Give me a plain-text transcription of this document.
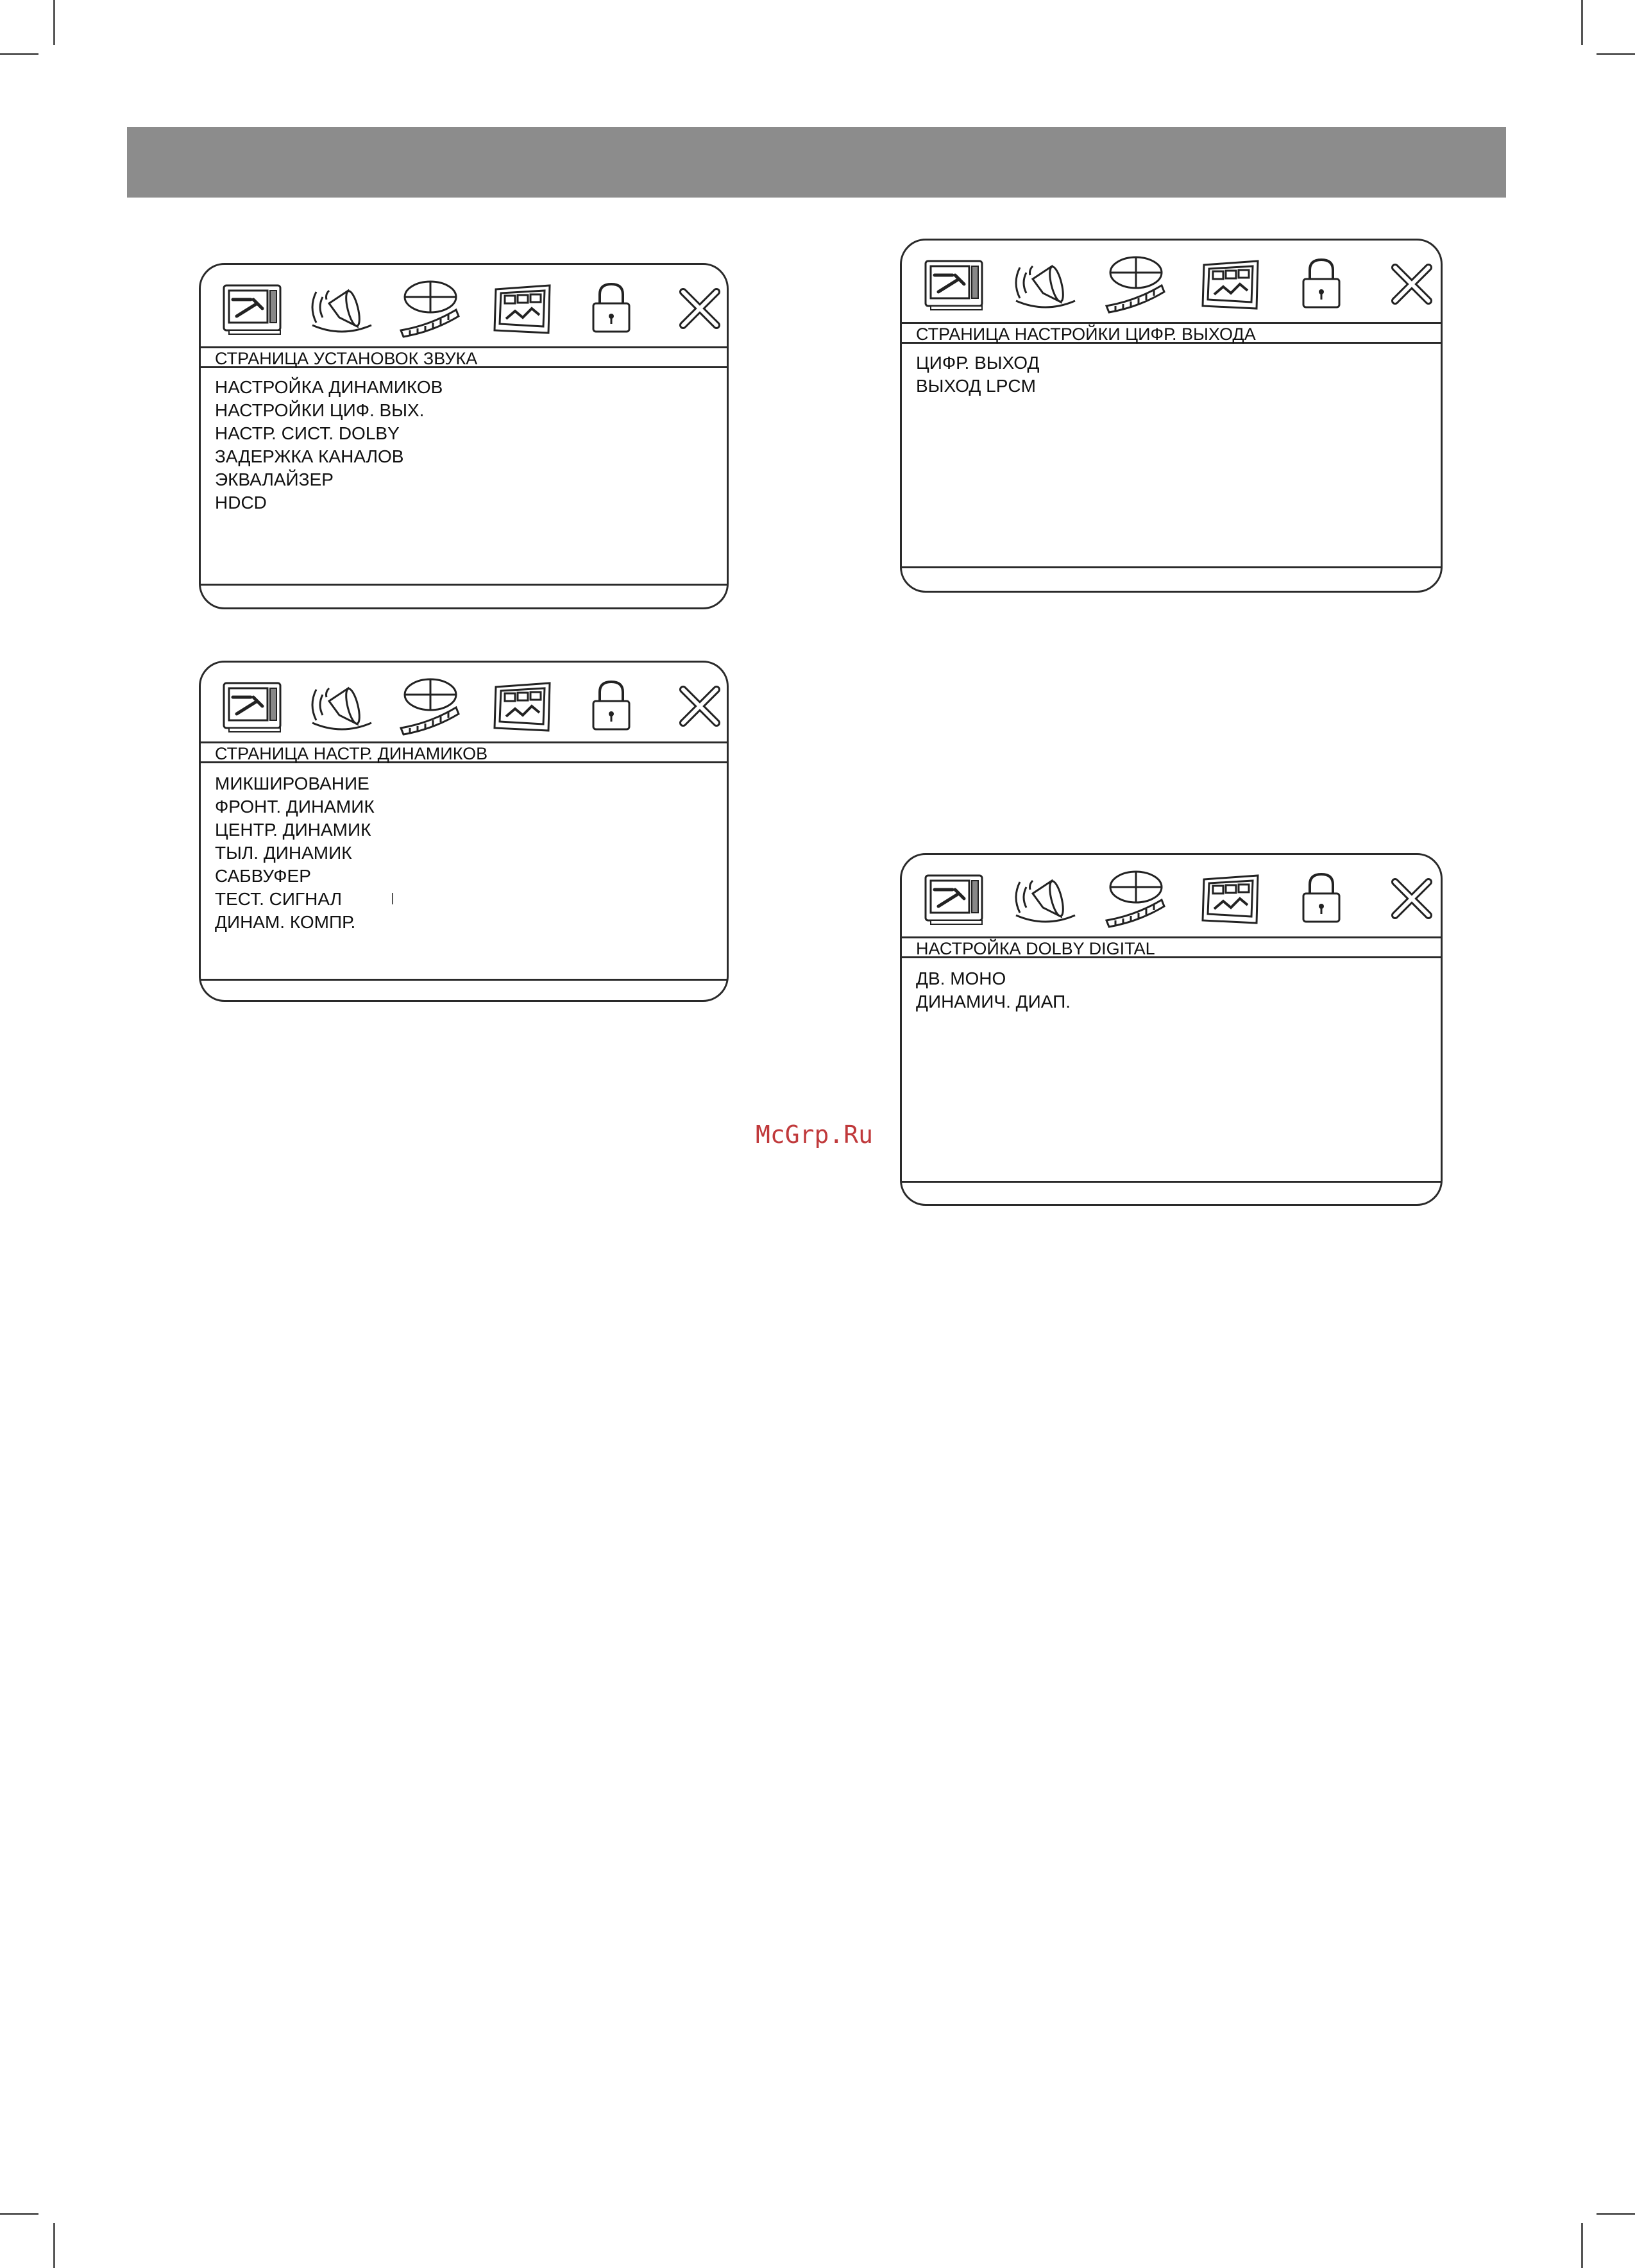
СТРАНИЦА УСТАНОВОК ЗВУКА
НАСТРОЙКА ДИНАМИКОВ
НАСТРОЙКИ ЦИФ. ВЫХ.
НАСТР. СИСТ. DOLBY
ЗАДЕРЖКА КАНАЛОВ
ЭКВАЛАЙЗЕР
HDCD
СТРАНИЦА НАСТР. ДИНАМИКОВ
МИКШИРОВАНИЕ
ФРОНТ. ДИНАМИК
ЦЕНТР. ДИНАМИК
ТЫЛ. ДИНАМИК
САБВУФЕР
ТЕСТ. СИГНАЛ
ДИНАМ. КОМПР.
СТРАНИЦА НАСТРОЙКИ ЦИФР. ВЫХОДА
ЦИФР. ВЫХОД
ВЫХОД LPCM
НАСТРОЙКА DOLBY DIGITAL
ДВ. МОНО
ДИНАМИЧ. ДИАП.
McGrp.Ru
